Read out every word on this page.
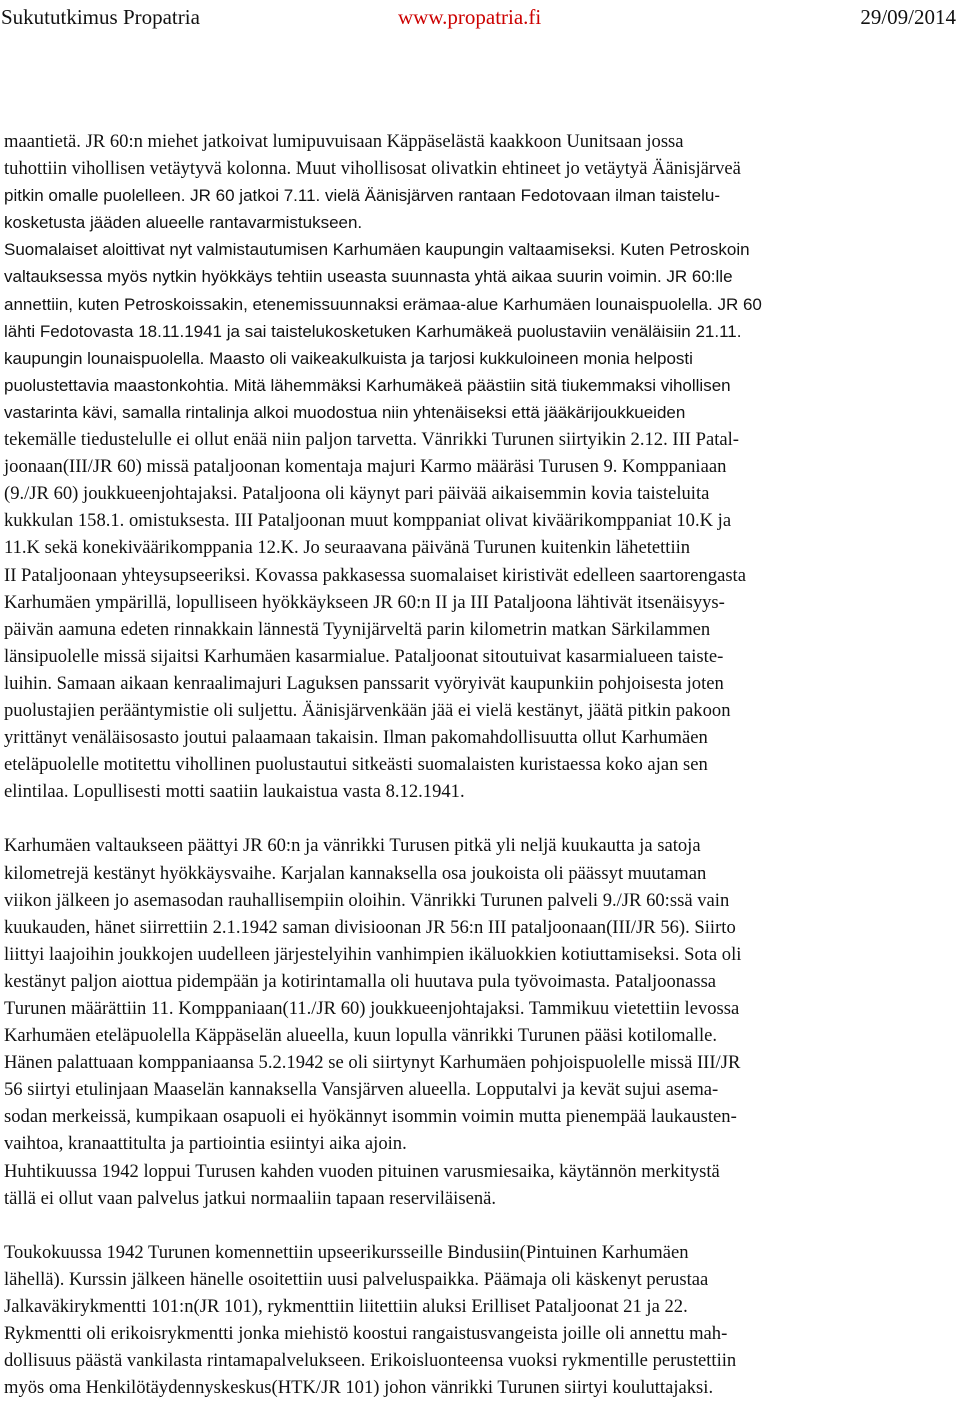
Sukututkimus Propatria	www.propatria.fi	29/09/2014
maantietä. JR 60:n miehet jatkoivat lumipuvuisaan Käppäselästä kaakkoon Uunitsaan jossa
tuhottiin vihollisen vetäytyvä kolonna. Muut vihollisosat olivatkin ehtineet jo vetäytyä Äänisjärveä
pitkin omalle puolelleen. JR 60 jatkoi 7.11. vielä Äänisjärven rantaan Fedotovaan ilman taistelu-
kosketusta jääden alueelle rantavarmistukseen.
Suomalaiset aloittivat nyt valmistautumisen Karhumäen kaupungin valtaamiseksi. Kuten Petroskoin
valtauksessa myös nytkin hyökkäys tehtiin useasta suunnasta yhtä aikaa suurin voimin. JR 60:lle
annettiin, kuten Petroskoissakin, etenemissuunnaksi erämaa-alue Karhumäen lounaispuolella. JR 60
lähti Fedotovasta 18.11.1941 ja sai taistelukosketuken Karhumäkeä puolustaviin venäläisiin 21.11.
kaupungin lounaispuolella. Maasto oli vaikeakulkuista ja tarjosi kukkuloineen monia helposti
puolustettavia maastonkohtia. Mitä lähemmäksi Karhumäkeä päästiin sitä tiukemmaksi vihollisen
vastarinta kävi, samalla rintalinja alkoi muodostua niin yhtenäiseksi että jääkärijoukkueiden
tekemälle tiedustelulle ei ollut enää niin paljon tarvetta. Vänrikki Turunen siirtyikin 2.12. III Patal-
joonaan(III/JR 60) missä pataljoonan komentaja majuri Karmo määräsi Turusen 9. Komppaniaan
(9./JR 60) joukkueenjohtajaksi. Pataljoona oli käynyt pari päivää aikaisemmin kovia taisteluita
kukkulan 158.1. omistuksesta. III Pataljoonan muut komppaniat olivat kiväärikomppaniat 10.K ja
11.K sekä konekiväärikomppania 12.K. Jo seuraavana päivänä Turunen kuitenkin lähetettiin
II Pataljoonaan yhteysupseeriksi. Kovassa pakkasessa suomalaiset kiristivät edelleen saartorengasta
Karhumäen ympärillä, lopulliseen hyökkäykseen JR 60:n II ja III Pataljoona lähtivät itsenäisyys-
päivän aamuna edeten rinnakkain lännestä Tyynijärveltä parin kilometrin matkan Särkilammen
länsipuolelle missä sijaitsi Karhumäen kasarmialue. Pataljoonat sitoutuivat kasarmialueen taiste-
luihin. Samaan aikaan kenraalimajuri Laguksen panssarit vyöryivät kaupunkiin pohjoisesta joten
puolustajien perääntymistie oli suljettu. Äänisjärvenkään jää ei vielä kestänyt, jäätä pitkin pakoon
yrittänyt venäläisosasto joutui palaamaan takaisin. Ilman pakomahdollisuutta ollut Karhumäen
eteläpuolelle motitettu vihollinen puolustautui sitkeästi suomalaisten kuristaessa koko ajan sen
elintilaa. Lopullisesti motti saatiin laukaistua vasta 8.12.1941.
Karhumäen valtaukseen päättyi JR 60:n ja vänrikki Turusen pitkä yli neljä kuukautta ja satoja
kilometrejä kestänyt hyökkäysvaihe. Karjalan kannaksella osa joukoista oli päässyt muutaman
viikon jälkeen jo asemasodan rauhallisempiin oloihin. Vänrikki Turunen palveli 9./JR 60:ssä vain
kuukauden, hänet siirrettiin 2.1.1942 saman divisioonan JR 56:n III pataljoonaan(III/JR 56). Siirto
liittyi laajoihin joukkojen uudelleen järjestelyihin vanhimpien ikäluokkien kotiuttamiseksi. Sota oli
kestänyt paljon aiottua pidempään ja kotirintamalla oli huutava pula työvoimasta. Pataljoonassa
Turunen määrättiin 11. Komppaniaan(11./JR 60) joukkueenjohtajaksi. Tammikuu vietettiin levossa
Karhumäen eteläpuolella Käppäselän alueella, kuun lopulla vänrikki Turunen pääsi kotilomalle.
Hänen palattuaan komppaniaansa 5.2.1942 se oli siirtynyt Karhumäen pohjoispuolelle missä III/JR
56 siirtyi etulinjaan Maaselän kannaksella Vansjärven alueella. Lopputalvi ja kevät sujui asema-
sodan merkeissä, kumpikaan osapuoli ei hyökännyt isommin voimin mutta pienempää laukausten-
vaihtoa, kranaattitulta ja partiointia esiintyi aika ajoin.
Huhtikuussa 1942 loppui Turusen kahden vuoden pituinen varusmiesaika, käytännön merkitystä
tällä ei ollut vaan palvelus jatkui normaaliin tapaan reserviläisenä.
Toukokuussa 1942 Turunen komennettiin upseerikursseille Bindusiin(Pintuinen Karhumäen
lähellä). Kurssin jälkeen hänelle osoitettiin uusi palveluspaikka. Päämaja oli käskenyt perustaa
Jalkaväkirykmentti 101:n(JR 101), rykmenttiin liitettiin aluksi Erilliset Pataljoonat 21 ja 22.
Rykmentti oli erikoisrykmentti jonka miehistö koostui rangaistusvangeista joille oli annettu mah-
dollisuus päästä vankilasta rintamapalvelukseen. Erikoisluonteensa vuoksi rykmentille perustettiin
myös oma Henkilötäydennyskeskus(HTK/JR 101) johon vänrikki Turunen siirtyi kouluttajaksi.
